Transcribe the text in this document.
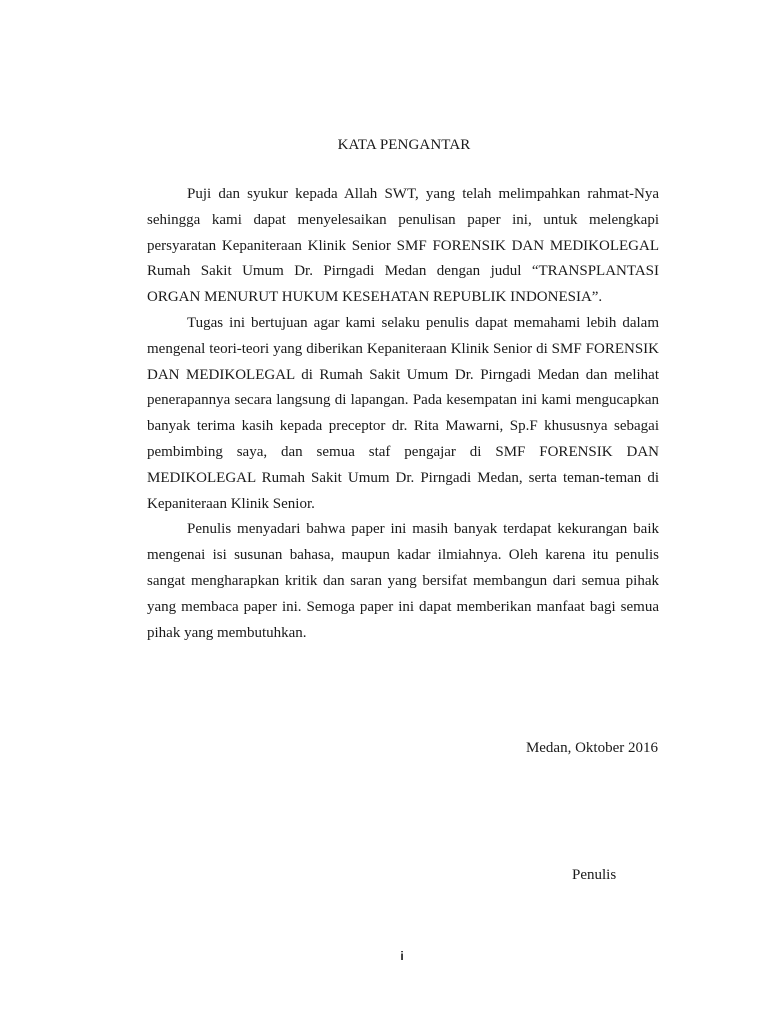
KATA PENGANTAR

Puji dan syukur kepada Allah SWT, yang telah melimpahkan rahmat-Nya sehingga kami dapat menyelesaikan penulisan paper ini, untuk melengkapi persyaratan Kepaniteraan Klinik Senior SMF FORENSIK DAN MEDIKOLEGAL Rumah Sakit Umum Dr. Pirngadi Medan dengan judul “TRANSPLANTASI ORGAN MENURUT HUKUM KESEHATAN REPUBLIK INDONESIA”.

Tugas ini bertujuan agar kami selaku penulis dapat memahami lebih dalam mengenal teori-teori yang diberikan Kepaniteraan Klinik Senior di SMF FORENSIK DAN MEDIKOLEGAL di Rumah Sakit Umum Dr. Pirngadi Medan dan melihat penerapannya secara langsung di lapangan. Pada kesempatan ini kami mengucapkan banyak terima kasih kepada preceptor dr. Rita Mawarni, Sp.F khususnya sebagai pembimbing saya, dan semua staf pengajar di SMF FORENSIK DAN MEDIKOLEGAL Rumah Sakit Umum Dr. Pirngadi Medan, serta teman-teman di Kepaniteraan Klinik Senior.

Penulis menyadari bahwa paper ini masih banyak terdapat kekurangan baik mengenai isi susunan bahasa, maupun kadar ilmiahnya. Oleh karena itu penulis sangat mengharapkan kritik dan saran yang bersifat membangun dari semua pihak yang membaca paper ini. Semoga paper ini dapat memberikan manfaat bagi semua pihak yang membutuhkan.

Medan, Oktober 2016
Penulis
i
